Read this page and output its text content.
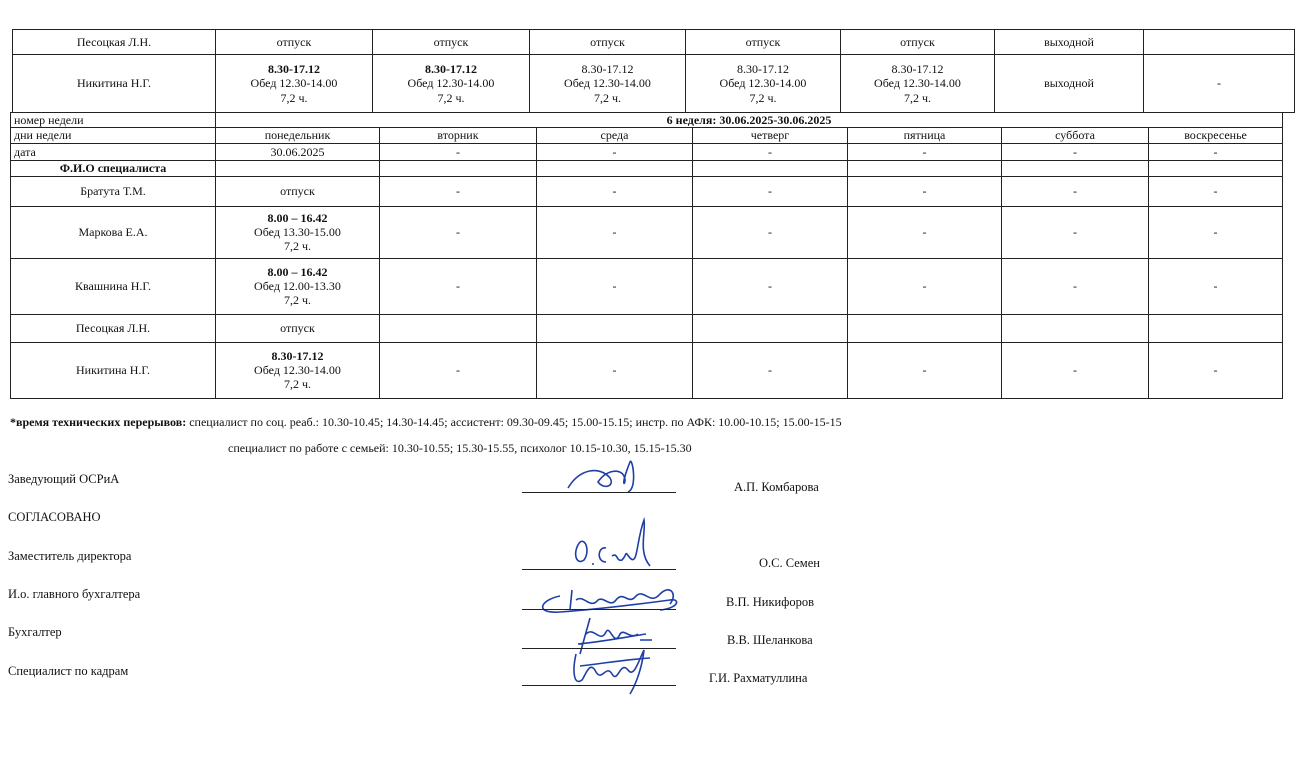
Песоцкая Л.Н.	отпуск	отпуск	отпуск	отпуск	отпуск	выходной	
Никитина Н.Г.	8.30-17.12
Обед 12.30-14.00
7,2 ч.	8.30-17.12
Обед 12.30-14.00
7,2 ч.	8.30-17.12
Обед 12.30-14.00
7,2 ч.	8.30-17.12
Обед 12.30-14.00
7,2 ч.	8.30-17.12
Обед 12.30-14.00
7,2 ч.	выходной	-
номер недели	6 неделя: 30.06.2025-30.06.2025						
дни недели	понедельник	вторник	среда	четверг	пятница	суббота	воскресенье
дата	30.06.2025	-	-	-	-	-	-
Ф.И.О специалиста							
Братута Т.М.	отпуск	-	-	-	-	-	-
Маркова Е.А.	8.00 – 16.42
Обед 13.30-15.00
7,2 ч.	-	-	-	-	-	-
Квашнина Н.Г.	8.00 – 16.42
Обед 12.00-13.30
7,2 ч.	-	-	-	-	-	-
Песоцкая Л.Н.	отпуск						
Никитина Н.Г.	8.30-17.12
Обед 12.30-14.00
7,2 ч.	-	-	-	-	-	-
*время технических перерывов: специалист по соц. реаб.: 10.30-10.45; 14.30-14.45; ассистент: 09.30-09.45; 15.00-15.15; инстр. по АФК: 10.00-10.15; 15.00-15-15
специалист по работе с семьей: 10.30-10.55; 15.30-15.55, психолог 10.15-10.30, 15.15-15.30
Заведующий ОСРиА
А.П. Комбарова
СОГЛАСОВАНО
Заместитель директора	О.С. Семен
И.о. главного бухгалтера
В.П. Никифоров
Бухгалтер
В.В. Шеланкова
Специалист по кадрам	Г.И. Рахматуллина
